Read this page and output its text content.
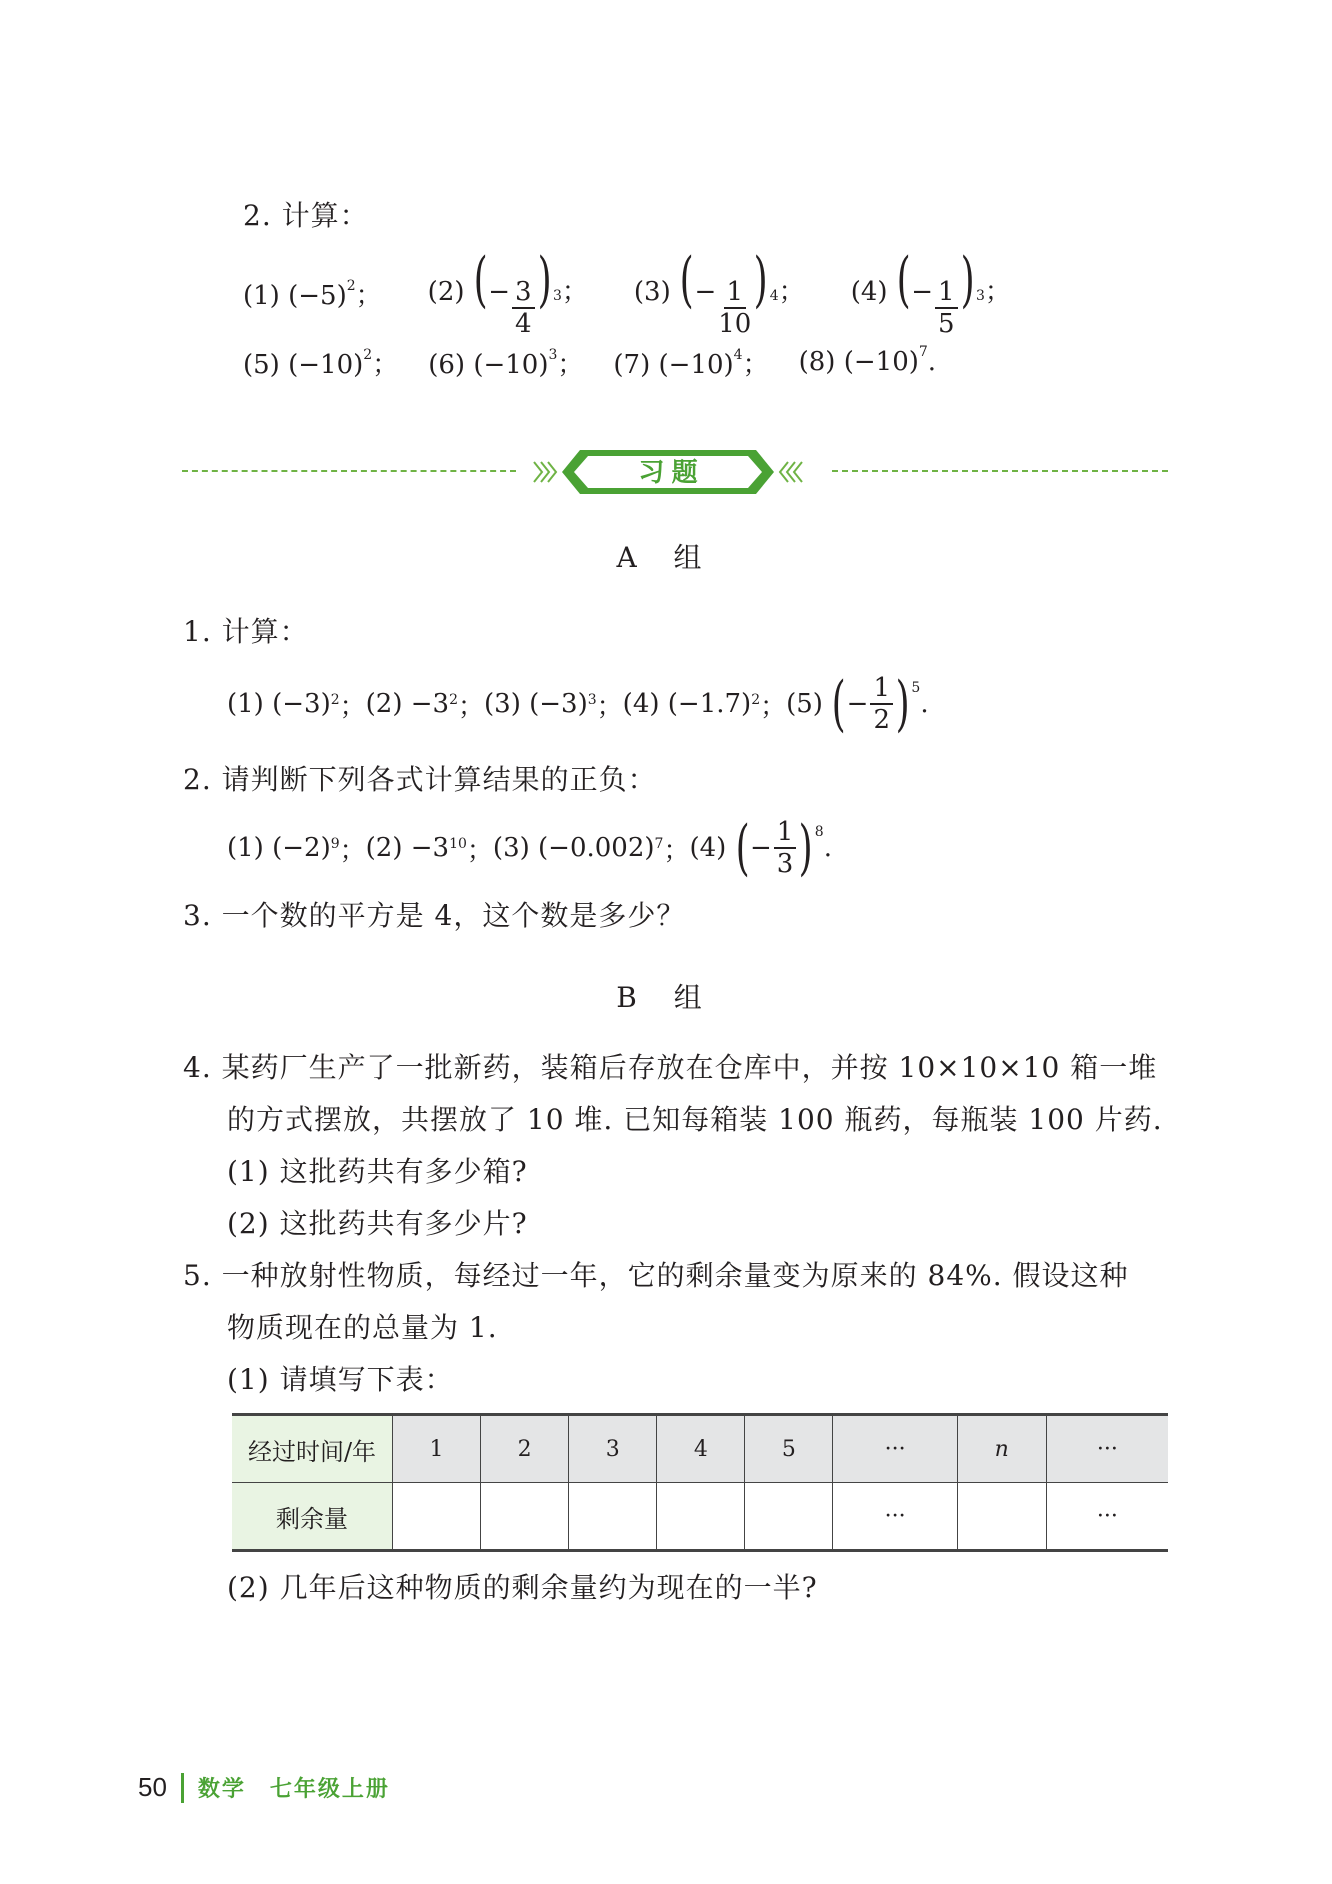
2. 计算：
(1) $(-5)^2$； (2) (− $\frac{3}{4}$ ) 3； (3) (− $\frac{1}{10}$ ) 4； (4) (− $\frac{1}{5}$ ) 3；
(5) $(-10)^2$； (6) $(-10)^3$； (7) $(-10)^4$； (8) $(-10)^7$.
习 题
A 组
1. 计算：
(1) (−3) 2 ； (2) −3 2 ； (3) (−3) 3 ； (4) (−1.7) 2 ； (5)
( − $\frac{1}{2}$ ) 5
.
2. 请判断下列各式计算结果的正负：
(1) (−2) 9 ； (2) −3 10 ； (3) (−0.002) 7 ； (4)
( − $\frac{1}{3}$ ) 8
.
3. 一个数的平方是 4，这个数是多少？
B 组
4. 某药厂生产了一批新药，装箱后存放在仓库中，并按 10×10×10 箱一堆
的方式摆放，共摆放了 10 堆. 已知每箱装 100 瓶药，每瓶装 100 片药.
(1) 这批药共有多少箱?
(2) 这批药共有多少片?
5. 一种放射性物质，每经过一年，它的剩余量变为原来的 84%. 假设这种
物质现在的总量为 1.
(1) 请填写下表：
经过时间/年	1	2	3	4	5	···	n	···
剩余量						···		···
(2) 几年后这种物质的剩余量约为现在的一半?
50 数学　七年级上册
